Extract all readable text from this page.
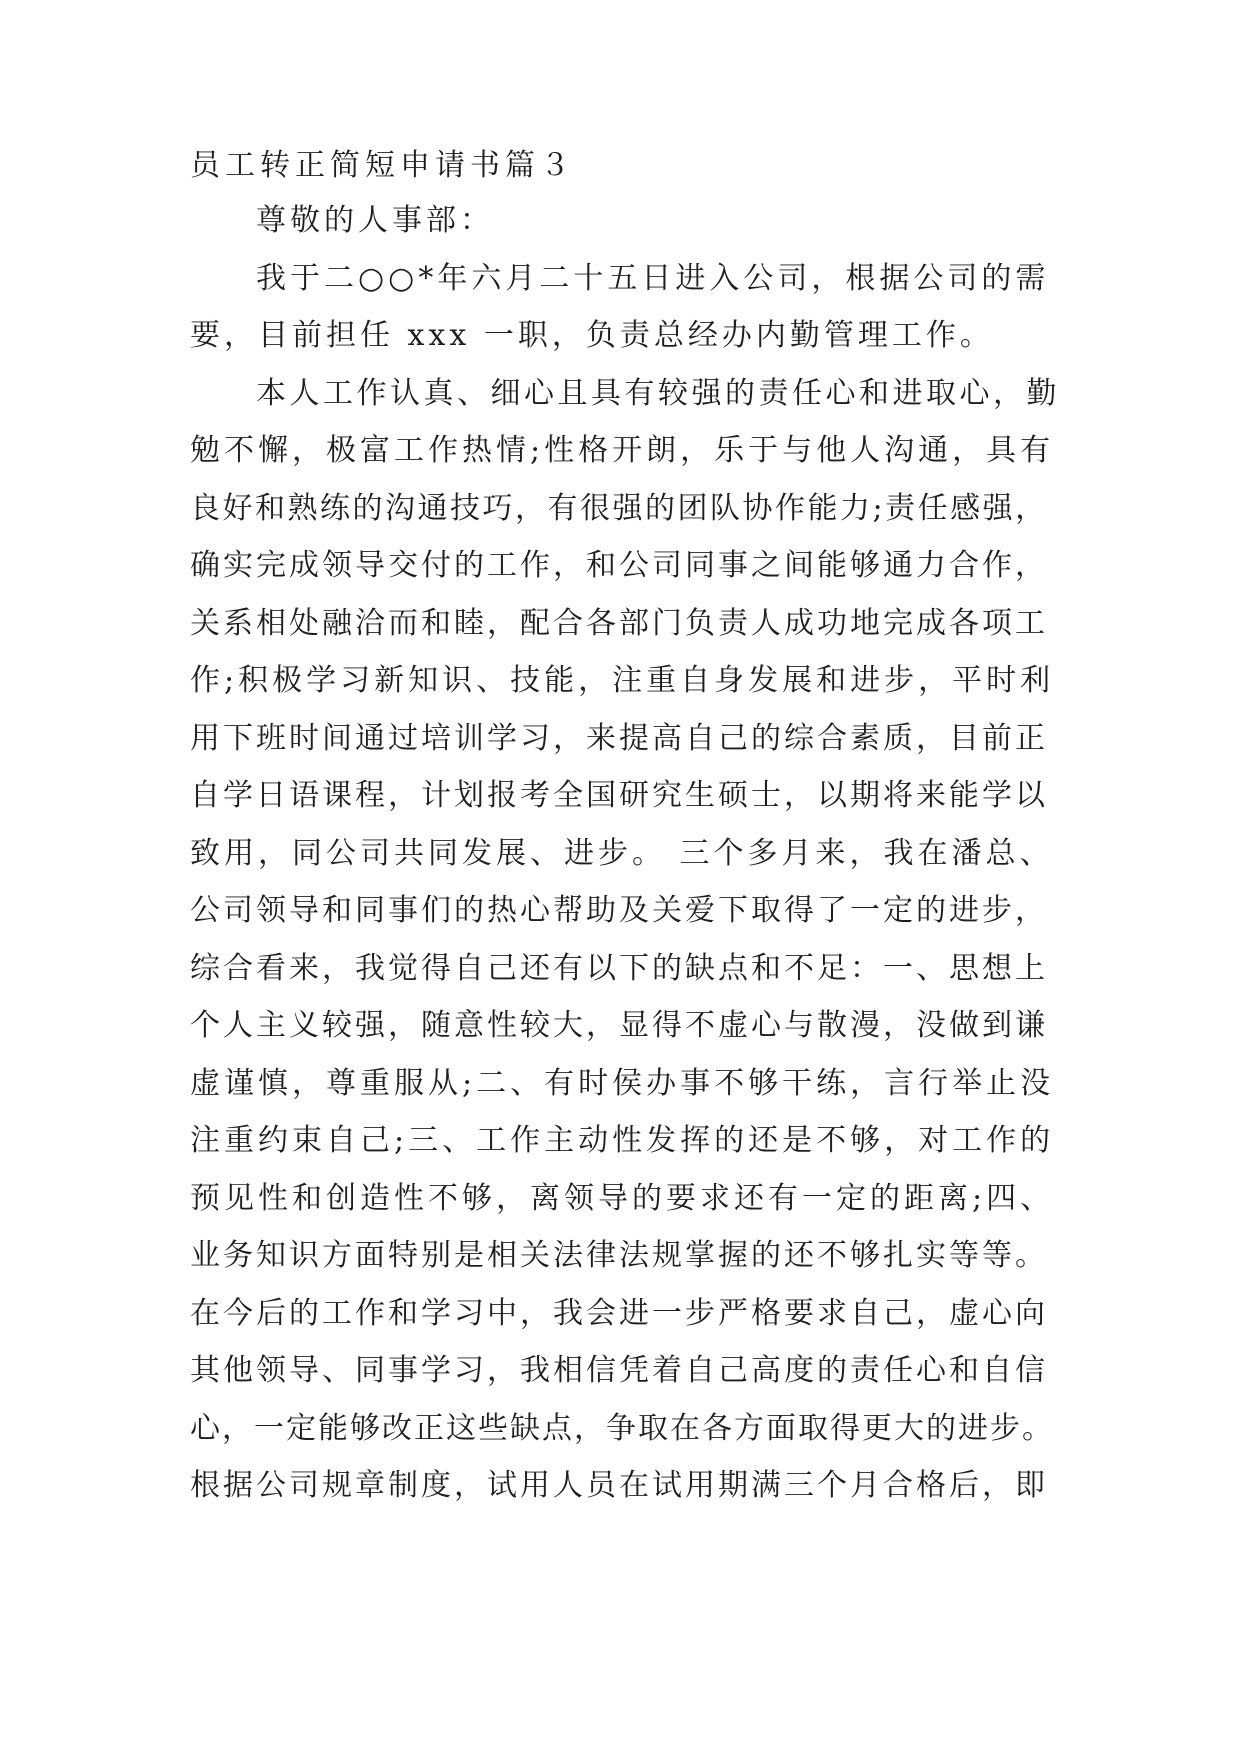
员工转正简短申请书篇３

尊敬的人事部：

我于二○○*年六月二十五日进入公司，根据公司的需

要，目前担任 xxx 一职，负责总经办内勤管理工作。

本人工作认真、细心且具有较强的责任心和进取心，勤

勉不懈，极富工作热情;性格开朗，乐于与他人沟通，具有

良好和熟练的沟通技巧，有很强的团队协作能力;责任感强，

确实完成领导交付的工作，和公司同事之间能够通力合作，

关系相处融洽而和睦，配合各部门负责人成功地完成各项工

作;积极学习新知识、技能，注重自身发展和进步，平时利

用下班时间通过培训学习，来提高自己的综合素质，目前正

自学日语课程，计划报考全国研究生硕士，以期将来能学以

致用，同公司共同发展、进步。 三个多月来，我在潘总、

公司领导和同事们的热心帮助及关爱下取得了一定的进步，

综合看来，我觉得自己还有以下的缺点和不足：一、思想上

个人主义较强，随意性较大，显得不虚心与散漫，没做到谦

虚谨慎，尊重服从;二、有时侯办事不够干练，言行举止没

注重约束自己;三、工作主动性发挥的还是不够，对工作的

预见性和创造性不够，离领导的要求还有一定的距离;四、

业务知识方面特别是相关法律法规掌握的还不够扎实等等。

在今后的工作和学习中，我会进一步严格要求自己，虚心向

其他领导、同事学习，我相信凭着自己高度的责任心和自信

心，一定能够改正这些缺点，争取在各方面取得更大的进步。

根据公司规章制度，试用人员在试用期满三个月合格后，即
